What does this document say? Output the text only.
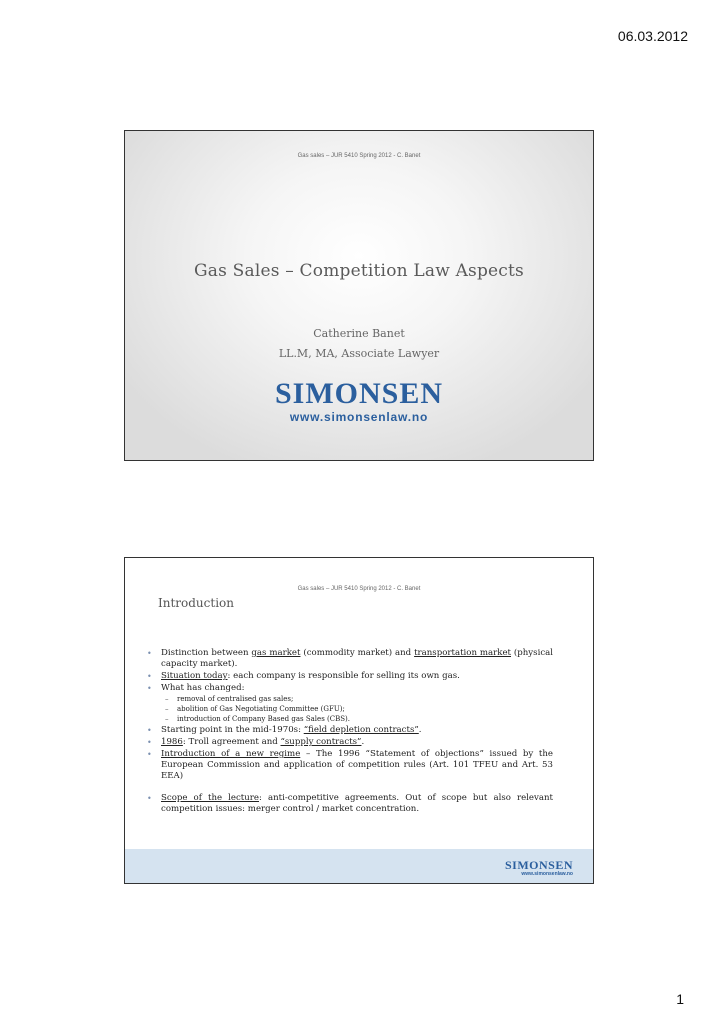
06.03.2012
Gas sales – JUR 5410 Spring 2012 - C. Banet
Gas Sales – Competition Law Aspects
Catherine Banet
LL.M, MA, Associate Lawyer
SIMONSEN
www.simonsenlaw.no
Gas sales – JUR 5410 Spring 2012 - C. Banet
Introduction
• Distinction between gas market (commodity market) and transportation market (physical capacity market).
• Situation today: each company is responsible for selling its own gas.
• What has changed:
– removal of centralised gas sales;
– abolition of Gas Negotiating Committee (GFU);
– introduction of Company Based gas Sales (CBS).
• Starting point in the mid-1970s: “field depletion contracts”.
• 1986: Troll agreement and “supply contracts”.
• Introduction of a new regime – The 1996 “Statement of objections” issued by the European Commission and application of competition rules (Art. 101 TFEU and Art. 53 EEA)
• Scope of the lecture: anti-competitive agreements. Out of scope but also relevant competition issues: merger control / market concentration.
SIMONSEN
www.simonsenlaw.no
1
